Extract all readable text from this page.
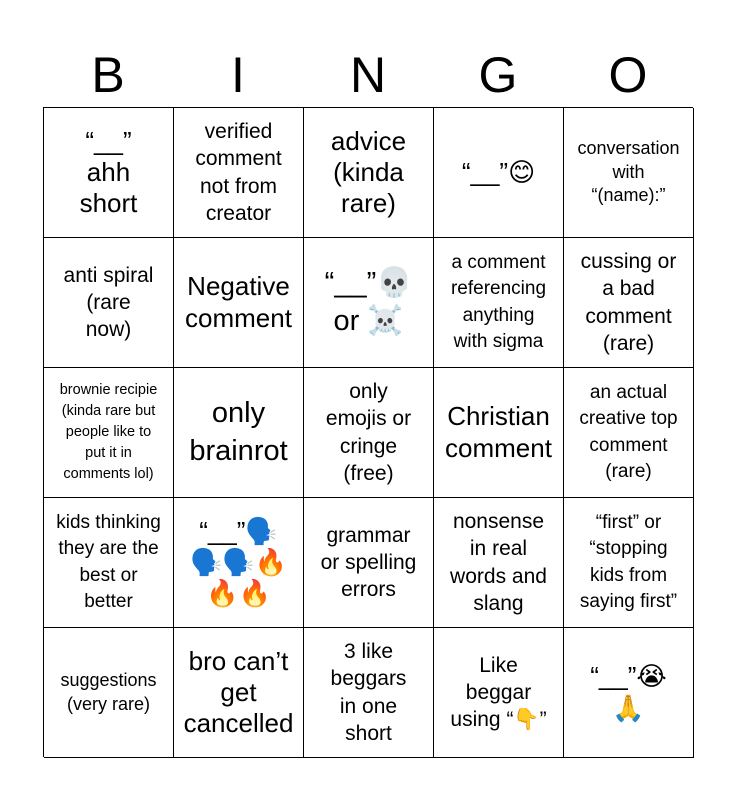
B	I	N	G	O
“__”
ahh
short
verified
comment
not from
creator
advice
(kinda
rare)
“__”😊
conversation
with
“(name):”
anti spiral
(rare
now)
Negative
comment
“__”💀
or ☠️
a comment
referencing
anything
with sigma
cussing or
a bad
comment
(rare)
brownie recipie
(kinda rare but
people like to
put it in
comments lol)
only
brainrot
only
emojis or
cringe
(free)
Christian
comment
an actual
creative top
comment
(rare)
kids thinking
they are the
best or
better
“__”🗣️
🗣️🗣️🔥
🔥🔥
grammar
or spelling
errors
nonsense
in real
words and
slang
“first” or
“stopping
kids from
saying first”
suggestions
(very rare)
bro can’t
get
cancelled
3 like
beggars
in one
short
Like
beggar
using “👇”
“__”😭
🙏
